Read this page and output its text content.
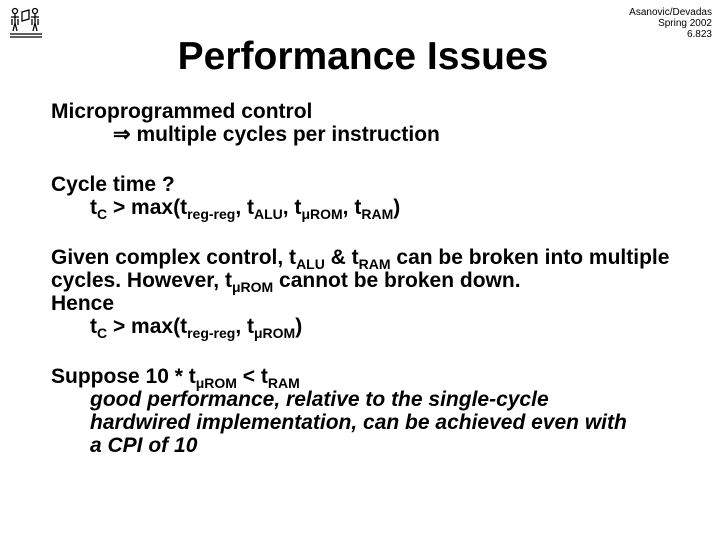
Asanovic/Devadas
Spring 2002
6.823
Performance Issues
Microprogrammed control
⇒ multiple cycles per instruction
Cycle time ?
$t_C > \max(t_{reg-reg}$, $t_{ALU}$, $t_{\mu ROM}$, $t_{RAM}$)
Given complex control, $t_{ALU}$ & $t_{RAM}$ can be broken into multiple cycles. However, $t_{\mu ROM}$ cannot be broken down.
Hence
$t_C > \max(t_{reg-reg}$, $t_{\mu ROM}$)
Suppose $10 * t_{\mu ROM} < t_{RAM}$
good performance, relative to the single-cycle hardwired implementation, can be achieved even with a CPI of 10
